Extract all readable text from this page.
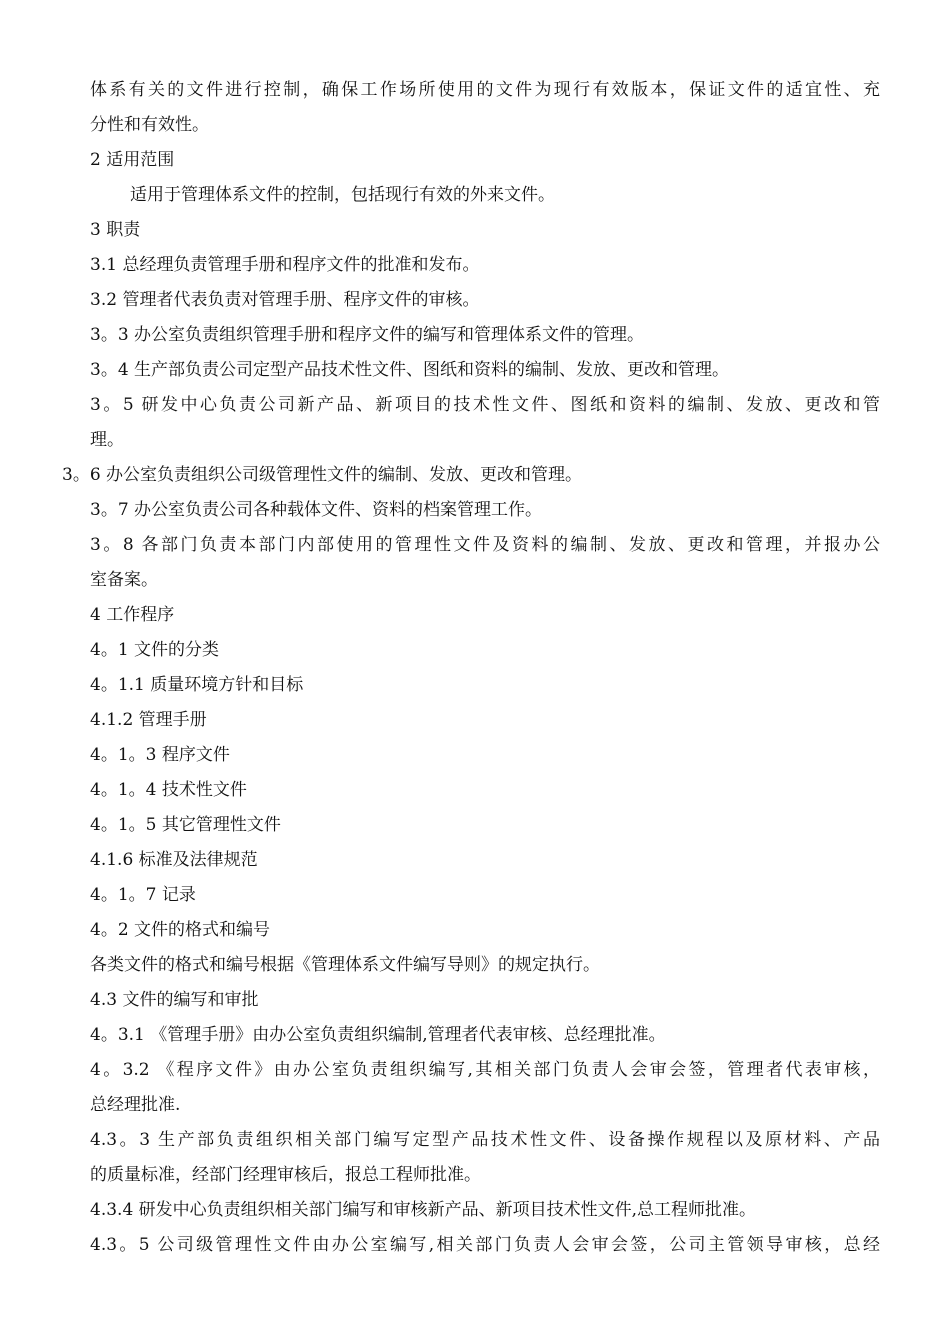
体系有关的文件进行控制，确保工作场所使用的文件为现行有效版本，保证文件的适宜性、充
分性和有效性。
2 适用范围
适用于管理体系文件的控制，包括现行有效的外来文件。
3 职责
3.1 总经理负责管理手册和程序文件的批准和发布。
3.2 管理者代表负责对管理手册、程序文件的审核。
3。3 办公室负责组织管理手册和程序文件的编写和管理体系文件的管理。
3。4 生产部负责公司定型产品技术性文件、图纸和资料的编制、发放、更改和管理。
3。5 研发中心负责公司新产品、新项目的技术性文件、图纸和资料的编制、发放、更改和管
理。
3。6 办公室负责组织公司级管理性文件的编制、发放、更改和管理。
3。7 办公室负责公司各种载体文件、资料的档案管理工作。
3。8 各部门负责本部门内部使用的管理性文件及资料的编制、发放、更改和管理，并报办公
室备案。
4 工作程序
4。1 文件的分类
4。1.1 质量环境方针和目标
4.1.2 管理手册
4。1。3 程序文件
4。1。4 技术性文件
4。1。5 其它管理性文件
4.1.6 标准及法律规范
4。1。7 记录
4。2 文件的格式和编号
各类文件的格式和编号根据《管理体系文件编写导则》的规定执行。
4.3 文件的编写和审批
4。3.1 《管理手册》由办公室负责组织编制,管理者代表审核、总经理批准。
4。3.2 《程序文件》由办公室负责组织编写,其相关部门负责人会审会签，管理者代表审核，
总经理批准.
4.3。3 生产部负责组织相关部门编写定型产品技术性文件、设备操作规程以及原材料、产品
的质量标准，经部门经理审核后，报总工程师批准。
4.3.4 研发中心负责组织相关部门编写和审核新产品、新项目技术性文件,总工程师批准。
4.3。5 公司级管理性文件由办公室编写,相关部门负责人会审会签，公司主管领导审核，总经
